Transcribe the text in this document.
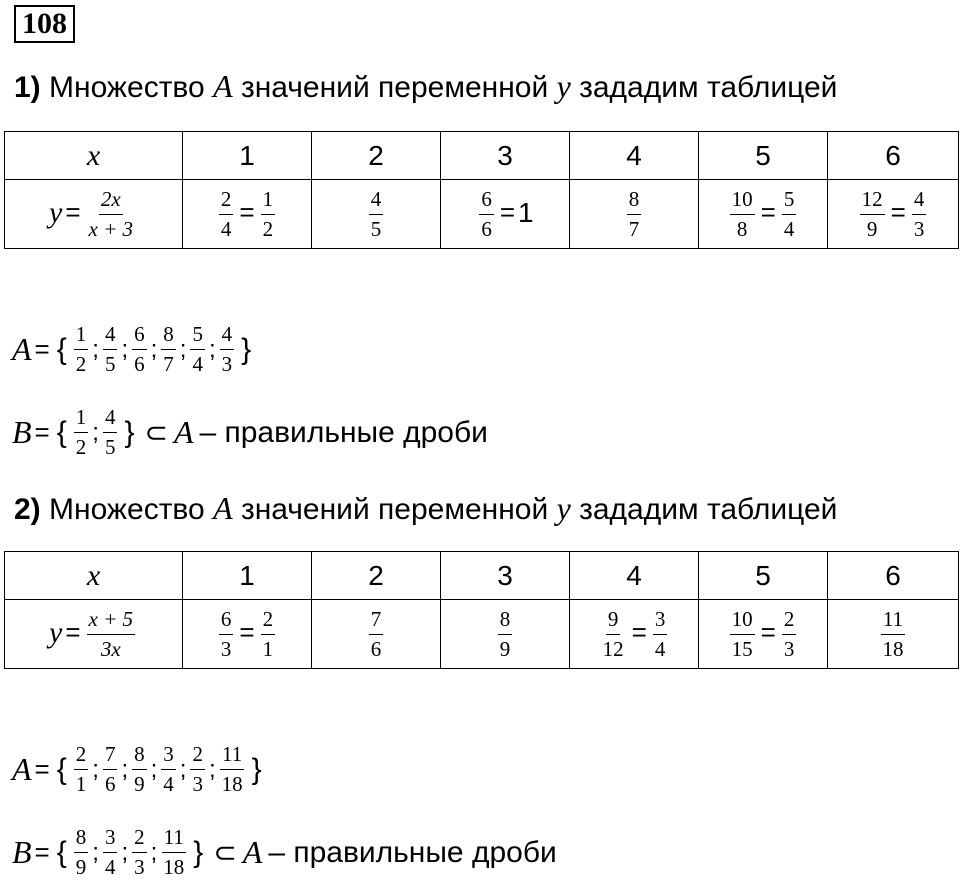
108
1) Множество A значений переменной y зададим таблицей
x	1	2	3	4	5	6
$y = \frac{2x}{x + 3}$	$\frac{2}{4} = \frac{1}{2}$	$\frac{4}{5}$	$\frac{6}{6} = 1$	$\frac{8}{7}$	$\frac{10}{8} = \frac{5}{4}$	$\frac{12}{9} = \frac{4}{3}$
A = { $\frac{1}{2}$ ; $\frac{4}{5}$ ; $\frac{6}{6}$ ; $\frac{8}{7}$ ; $\frac{5}{4}$ ; $\frac{4}{3}$ }
B = { $\frac{1}{2}$ ; $\frac{4}{5}$ } ⊂ A – правильные дроби
2) Множество A значений переменной y зададим таблицей
x	1	2	3	4	5	6
$y = \frac{x + 5}{3x}$	$\frac{6}{3} = \frac{2}{1}$	$\frac{7}{6}$	$\frac{8}{9}$	$\frac{9}{12} = \frac{3}{4}$	$\frac{10}{15} = \frac{2}{3}$	$\frac{11}{18}$
A = { $\frac{2}{1}$ ; $\frac{7}{6}$ ; $\frac{8}{9}$ ; $\frac{3}{4}$ ; $\frac{2}{3}$ ; $\frac{11}{18}$ }
B = { $\frac{8}{9}$ ; $\frac{3}{4}$ ; $\frac{2}{3}$ ; $\frac{11}{18}$ } ⊂ A – правильные дроби
